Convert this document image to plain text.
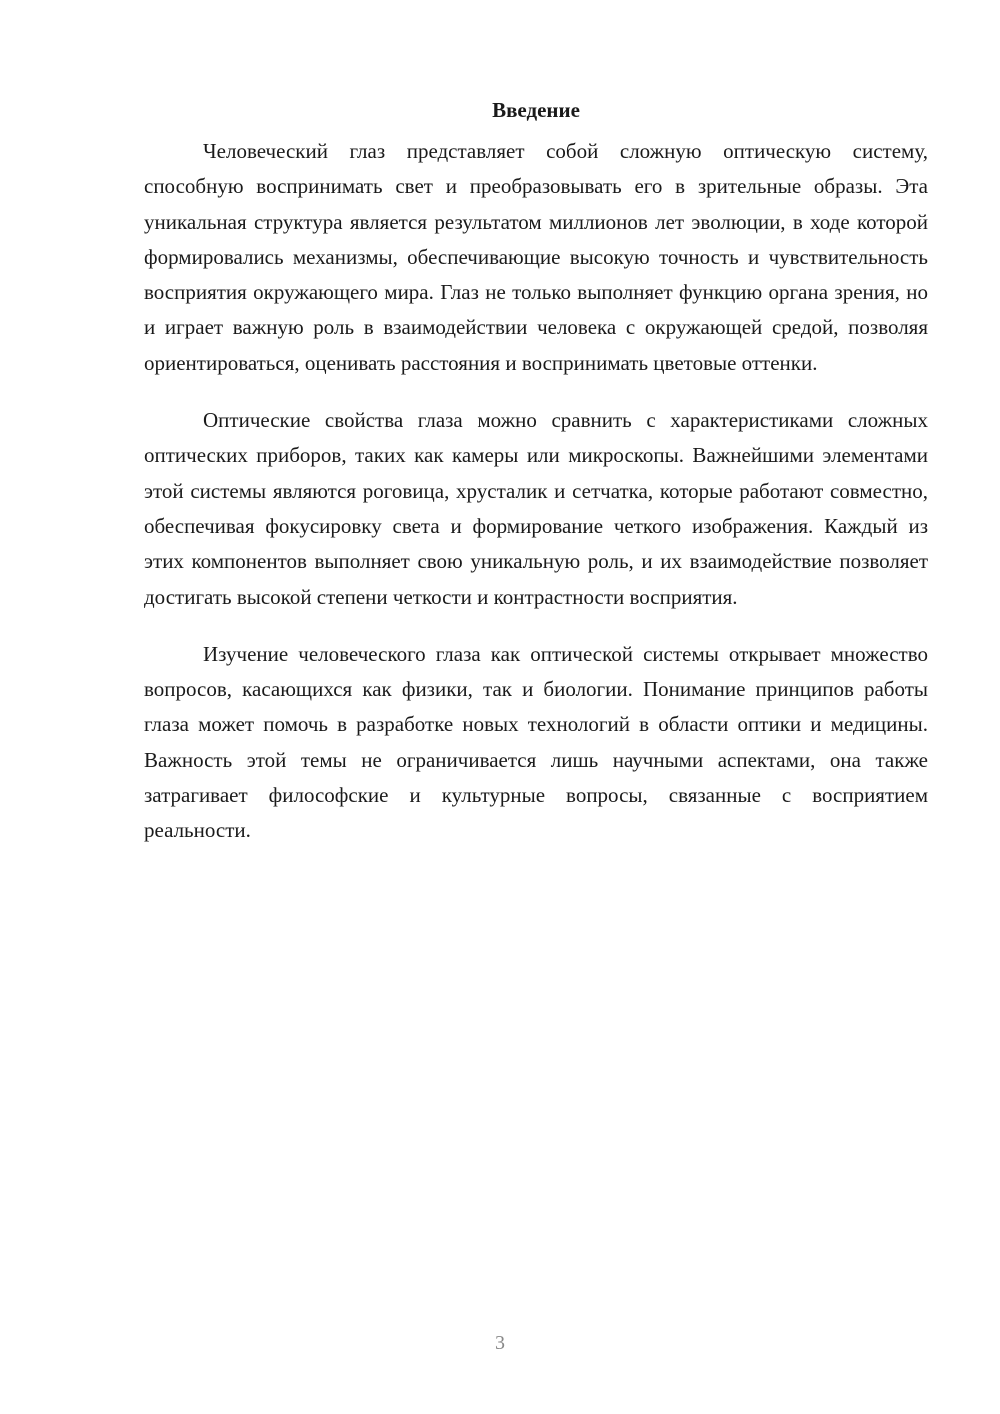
Введение

Человеческий глаз представляет собой сложную оптическую систему, способную воспринимать свет и преобразовывать его в зрительные образы. Эта уникальная структура является результатом миллионов лет эволюции, в ходе которой формировались механизмы, обеспечивающие высокую точность и чувствительность восприятия окружающего мира. Глаз не только выполняет функцию органа зрения, но и играет важную роль в взаимодействии человека с окружающей средой, позволяя ориентироваться, оценивать расстояния и воспринимать цветовые оттенки.

Оптические свойства глаза можно сравнить с характеристиками сложных оптических приборов, таких как камеры или микроскопы. Важнейшими элементами этой системы являются роговица, хрусталик и сетчатка, которые работают совместно, обеспечивая фокусировку света и формирование четкого изображения. Каждый из этих компонентов выполняет свою уникальную роль, и их взаимодействие позволяет достигать высокой степени четкости и контрастности восприятия.

Изучение человеческого глаза как оптической системы открывает множество вопросов, касающихся как физики, так и биологии. Понимание принципов работы глаза может помочь в разработке новых технологий в области оптики и медицины. Важность этой темы не ограничивается лишь научными аспектами, она также затрагивает философские и культурные вопросы, связанные с восприятием реальности.

3
